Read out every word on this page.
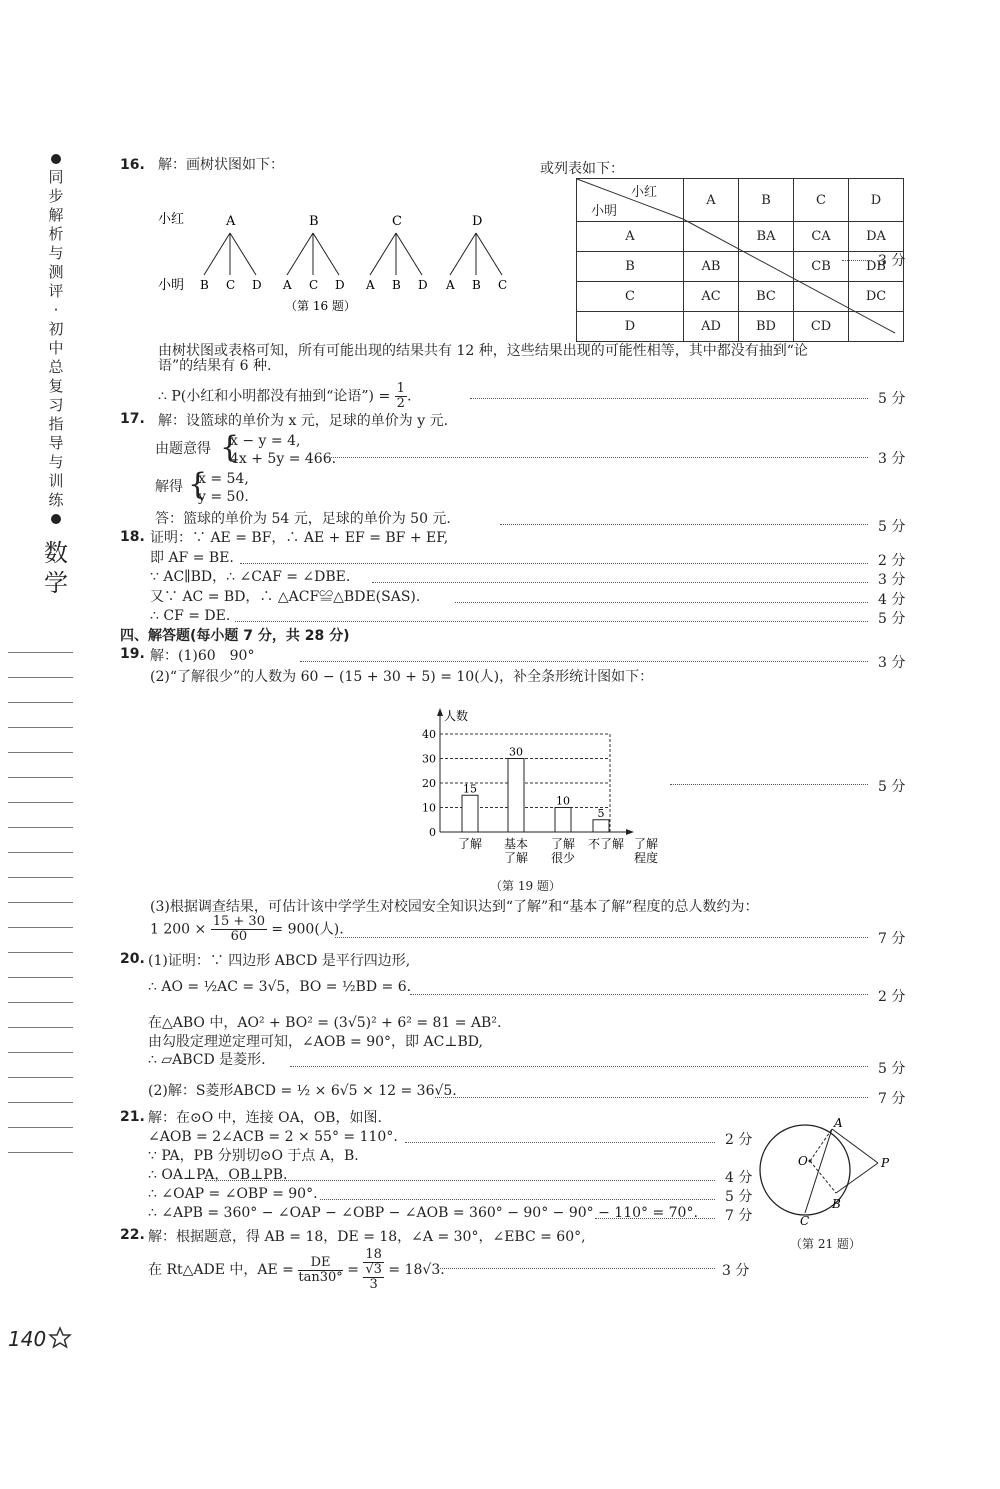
同
步
解
析
与
测
评
·
初
中
总
复
习
指
导
与
训
练
数
学
16. 解：画树状图如下：	或列表如下：
小红
小明
A
B C D
B
A C D
C
A B D
D
A B C
（第 16 题）
小红
小明	A	B	C	D
A		BA	CA	DA
B	AB		CB	DB
C	AC	BC		DC
D	AD	BD	CD	
3 分
由树状图或表格可知，所有可能出现的结果共有 12 种，这些结果出现的可能性相等，其中都没有抽到“论
语”的结果有 6 种.
∴ P(小红和小明都没有抽到“论语”) = $\frac{1}{2}$ .	5 分
17. 解：设篮球的单价为 x 元，足球的单价为 y 元.
由题意得 {
x − y = 4,
4x + 5y = 466.	3 分
解得 {
x = 54,
y = 50.
答：篮球的单价为 54 元，足球的单价为 50 元.	5 分
18. 证明：∵ AE = BF，∴ AE + EF = BF + EF,
即 AF = BE.	2 分
∵ AC∥BD，∴ ∠CAF = ∠DBE.	3 分
又∵ AC = BD，∴ △ACF≌△BDE(SAS).	4 分
∴ CF = DE.	5 分
四、解答题(每小题 7 分，共 28 分)
19. 解：(1)60　90°	3 分
(2)“了解很少”的人数为 60 − (15 + 30 + 5) = 10(人)，补全条形统计图如下：
人数
0
10
20
30
40
15
30
10
5
了解 基本
了解
了解
很少
不了解 了解
程度
5 分
（第 19 题）
(3)根据调查结果，可估计该中学学生对校园安全知识达到“了解”和“基本了解”程度的总人数约为：
1 $200 \times \frac{15 + 30}{60} = 900$(人).
7 分
20. (1)证明：∵ 四边形 ABCD 是平行四边形,
∴ AO = ½AC = 3√5，BO = ½BD = 6.
2 分
在△ABO 中，AO² + BO² = (3√5)² + 6² = 81 = AB².
由勾股定理逆定理可知，∠AOB = 90°，即 AC⊥BD,
∴ ▱ABCD 是菱形.
5 分
(2)解：S菱形ABCD = ½ × 6√5 × 12 = 36√5.	7 分
21. 解：在⊙O 中，连接 OA，OB，如图.
∠AOB = 2∠ACB = 2 × 55° = 110°.	2 分
∵ PA，PB 分别切⊙O 于点 A，B.
∴ OA⊥PA，OB⊥PB.	4 分
∴ ∠OAP = ∠OBP = 90°.	5 分
∴ ∠APB = 360° − ∠OAP − ∠OBP − ∠AOB = 360° − 90° − 90° − 110° = 70°. 7 分
A
O	P
B
C
（第 21 题）
22. 解：根据题意，得 AB = 18，DE = 18，∠A = 30°，∠EBC = 60°,
在 Rt△ADE 中，AE = $\frac{DE}{\tan 30^\circ}$ =
18
√3
3
= 18√3.	3 分
140
